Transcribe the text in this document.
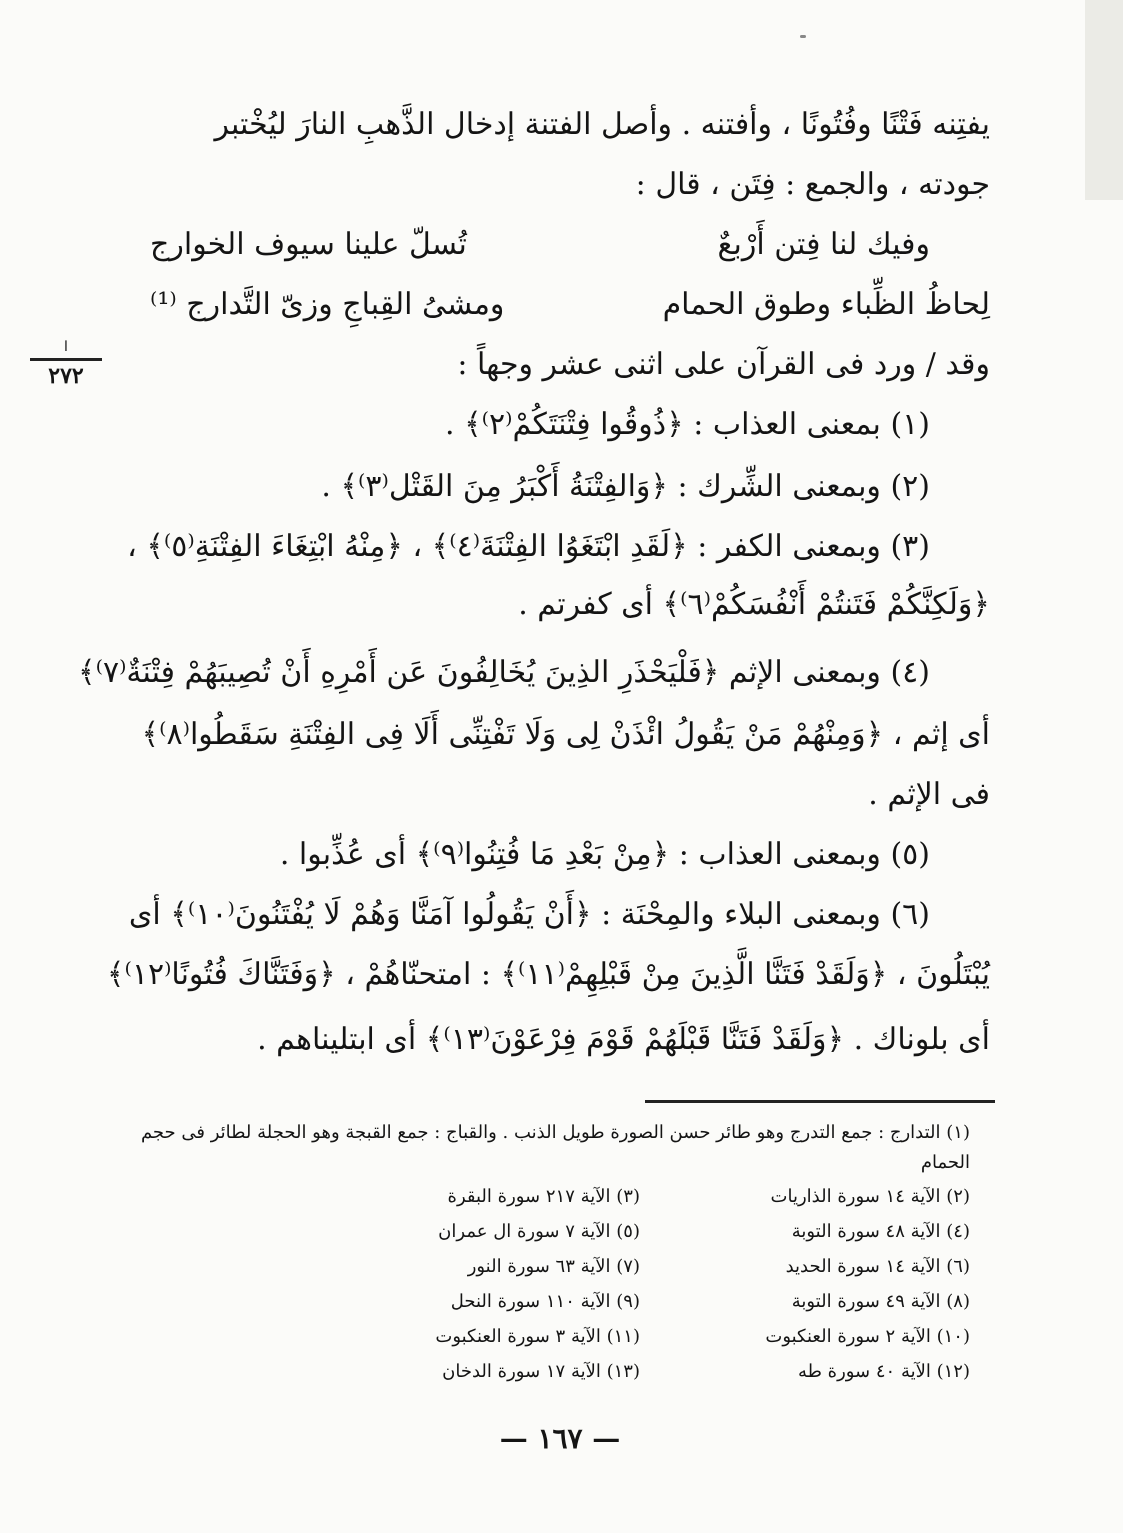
يفتِنه فَتْنًا وفُتُونًا ، وأفتنه . وأصل الفتنة إدخال الذَّهبِ النارَ ليُخْتبر
جودته ، والجمع : فِتَن ، قال :
وفيك لنا فِتن أَرْبعٌ
تُسلّ علينا سيوف الخوارج
لِحاظُ الظِّباء وطوق الحمام
ومشىُ القِباجِ وزىّ التَّدارج ⁽¹⁾
وقد / ورد فى القرآن على اثنى عشر وجهاً :
(١) بمعنى العذاب : ﴿ذُوقُوا فِتْنَتَكُمْ⁽٢⁾﴾ .
(٢) وبمعنى الشِّرك : ﴿وَالفِتْنَةُ أَكْبَرُ مِنَ القَتْل⁽٣⁾﴾ .
(٣) وبمعنى الكفر : ﴿لَقَدِ ابْتَغَوُا الفِتْنَةَ⁽٤⁾﴾ ، ﴿مِنْهُ ابْتِغَاءَ الفِتْنَةِ⁽٥⁾﴾ ،
﴿وَلَكِنَّكُمْ فَتَنتُمْ أَنْفُسَكُمْ⁽٦⁾﴾ أى كفرتم .
(٤) وبمعنى الإثم ﴿فَلْيَحْذَرِ الذِينَ يُخَالِفُونَ عَن أَمْرِهِ أَنْ تُصِيبَهُمْ فِتْنَةٌ⁽٧⁾﴾
أى إثم ، ﴿وَمِنْهُمْ مَنْ يَقُولُ ائْذَنْ لِى وَلَا تَفْتِنِّى أَلَا فِى الفِتْنَةِ سَقَطُوا⁽٨⁾﴾
فى الإثم .
(٥) وبمعنى العذاب : ﴿مِنْ بَعْدِ مَا فُتِنُوا⁽٩⁾﴾ أى عُذِّبوا .
(٦) وبمعنى البلاء والمِحْنَة : ﴿أَنْ يَقُولُوا آمَنَّا وَهُمْ لَا يُفْتَنُونَ⁽١٠⁾﴾ أى
يُبْتَلُونَ ، ﴿وَلَقَدْ فَتَنَّا الَّذِينَ مِنْ قَبْلِهِمْ⁽١١⁾﴾ : امتحنّاهُمْ ، ﴿وَفَتَنَّاكَ فُتُونًا⁽١٢⁾﴾
أى بلوناك . ﴿وَلَقَدْ فَتَنَّا قَبْلَهُمْ قَوْمَ فِرْعَوْنَ⁽١٣⁾﴾ أى ابتليناهم .
ا
٢٧٢
(١) التدارج : جمع التدرج وهو طائر حسن الصورة طويل الذنب . والقباج : جمع القبجة وهو الحجلة لطائر فى حجم الحمام
(٢) الآية ١٤ سورة الذاريات
(٣) الآية ٢١٧ سورة البقرة
(٤) الآية ٤٨ سورة التوبة
(٥) الآية ٧ سورة ال عمران
(٦) الآية ١٤ سورة الحديد
(٧) الآية ٦٣ سورة النور
(٨) الآية ٤٩ سورة التوبة
(٩) الآية ١١٠ سورة النحل
(١٠) الآية ٢ سورة العنكبوت
(١١) الآية ٣ سورة العنكبوت
(١٢) الآية ٤٠ سورة طه
(١٣) الآية ١٧ سورة الدخان
— ١٦٧ —
